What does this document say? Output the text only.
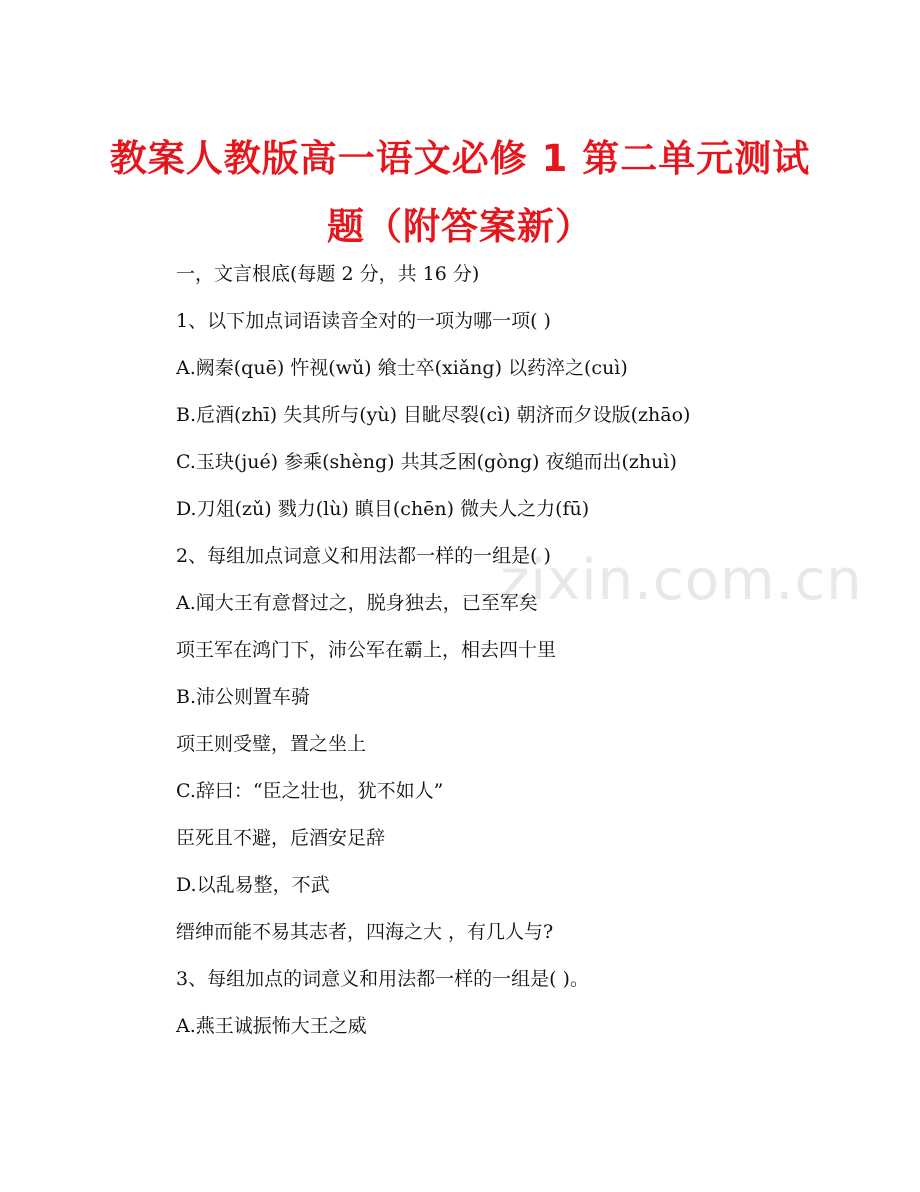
zixin.com.cn
教案人教版高一语文必修 1 第二单元测试
题（附答案新）
一，文言根底(每题 2 分，共 16 分)
1、以下加点词语读音全对的一项为哪一项( )
A.阙秦(quē) 忤视(wǔ) 飨士卒(xiǎng) 以药淬之(cuì)
B.卮酒(zhī) 失其所与(yù) 目眦尽裂(cì) 朝济而夕设版(zhāo)
C.玉玦(jué) 参乘(shèng) 共其乏困(gòng) 夜缒而出(zhuì)
D.刀俎(zǔ) 戮力(lù) 瞋目(chēn) 微夫人之力(fū)
2、每组加点词意义和用法都一样的一组是( )
A.闻大王有意督过之，脱身独去，已至军矣
项王军在鸿门下，沛公军在霸上，相去四十里
B.沛公则置车骑
项王则受璧，置之坐上
C.辞曰：“臣之壮也，犹不如人”
臣死且不避，卮酒安足辞
D.以乱易整，不武
缙绅而能不易其志者，四海之大 ，有几人与?
3、每组加点的词意义和用法都一样的一组是( )。
A.燕王诚振怖大王之威
